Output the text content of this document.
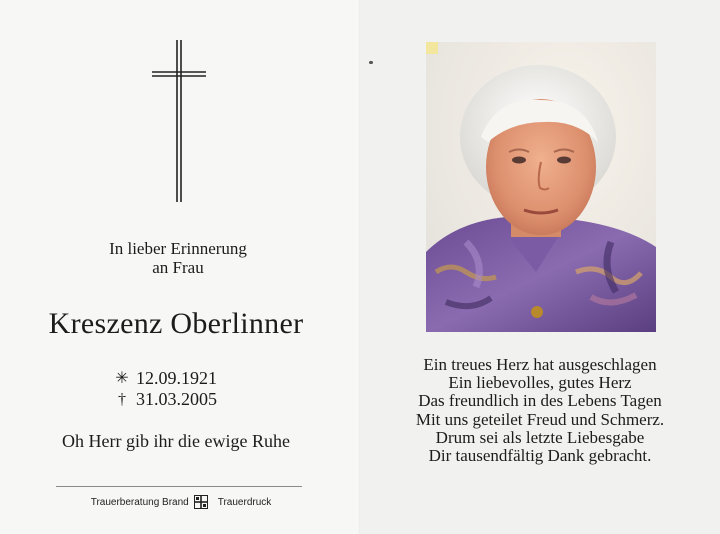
In lieber Erinnerung
an Frau
Kreszenz Oberlinner
✳ 12.09.1921
† 31.03.2005
Oh Herr gib ihr die ewige Ruhe
Trauerberatung Brand	Trauerdruck
Ein treues Herz hat ausgeschlagen
Ein liebevolles, gutes Herz
Das freundlich in des Lebens Tagen
Mit uns geteilet Freud und Schmerz.
Drum sei als letzte Liebesgabe
Dir tausendfältig Dank gebracht.
